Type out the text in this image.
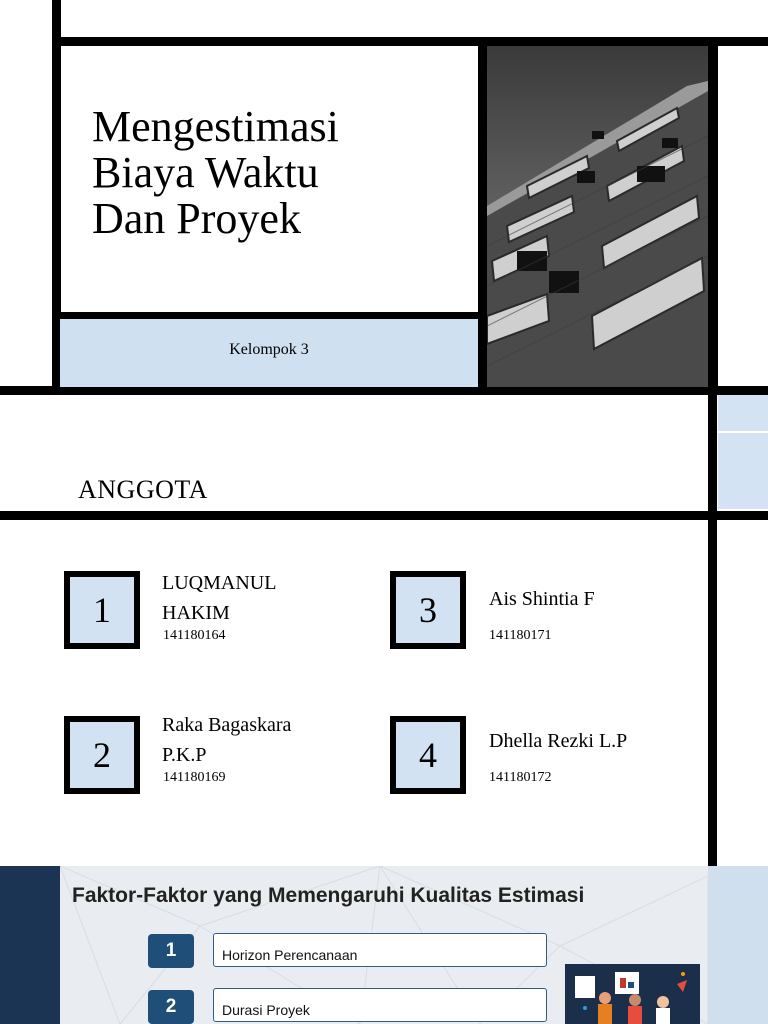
Mengestimasi
Biaya Waktu
Dan Proyek
Kelompok 3
ANGGOTA
1
LUQMANUL HAKIM
141180164
2
Raka Bagaskara P.K.P
141180169
3	Ais Shintia F
141180171
4	Dhella Rezki L.P
141180172
Faktor-Faktor yang Memengaruhi Kualitas Estimasi
1	Horizon Perencanaan
2	Durasi Proyek
